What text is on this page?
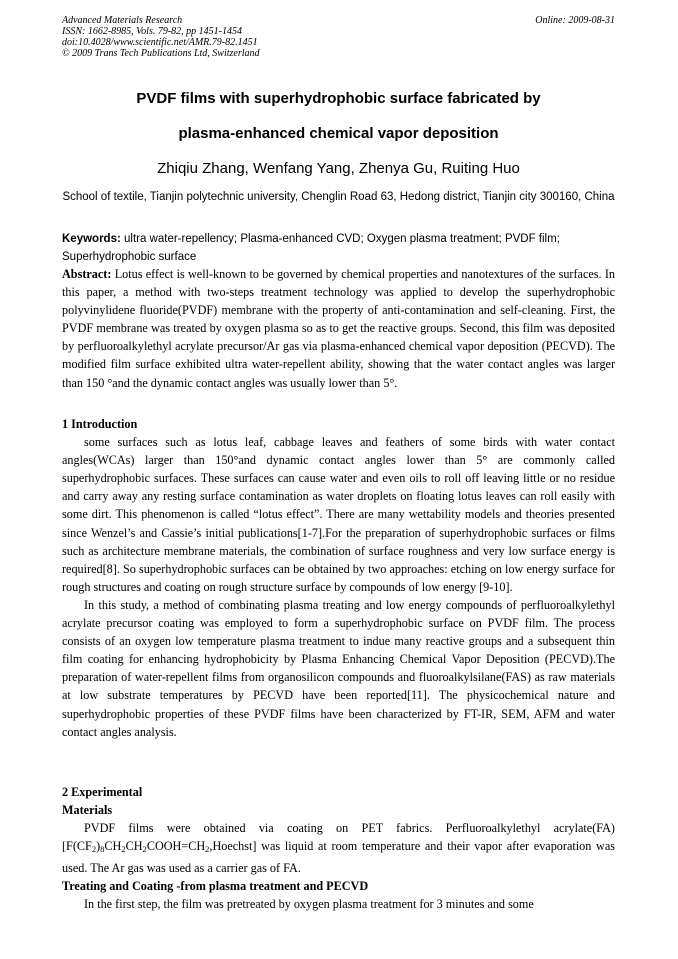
Advanced Materials Research
ISSN: 1662-8985, Vols. 79-82, pp 1451-1454
doi:10.4028/www.scientific.net/AMR.79-82.1451
© 2009 Trans Tech Publications Ltd, Switzerland
Online: 2009-08-31
PVDF films with superhydrophobic surface fabricated by
plasma-enhanced chemical vapor deposition
Zhiqiu Zhang, Wenfang Yang, Zhenya Gu, Ruiting Huo
School of textile, Tianjin polytechnic university, Chenglin Road 63, Hedong district, Tianjin city 300160, China
Keywords: ultra water-repellency; Plasma-enhanced CVD; Oxygen plasma treatment; PVDF film; Superhydrophobic surface

Abstract: Lotus effect is well-known to be governed by chemical properties and nanotextures of the surfaces. In this paper, a method with two-steps treatment technology was applied to develop the superhydrophobic polyvinylidene fluoride(PVDF) membrane with the property of anti-contamination and self-cleaning. First, the PVDF membrane was treated by oxygen plasma so as to get the reactive groups. Second, this film was deposited by perfluoroalkylethyl acrylate precursor/Ar gas via plasma-enhanced chemical vapor deposition (PECVD). The modified film surface exhibited ultra water-repellent ability, showing that the water contact angles was larger than 150 °and the dynamic contact angles was usually lower than 5°.

1 Introduction

some surfaces such as lotus leaf, cabbage leaves and feathers of some birds with water contact angles(WCAs) larger than 150°and dynamic contact angles lower than 5° are commonly called superhydrophobic surfaces. These surfaces can cause water and even oils to roll off leaving little or no residue and carry away any resting surface contamination as water droplets on floating lotus leaves can roll easily with some dirt. This phenomenon is called “lotus effect”. There are many wettability models and theories presented since Wenzel’s and Cassie’s initial publications[1-7].For the preparation of superhydrophobic surfaces or films such as architecture membrane materials, the combination of surface roughness and very low surface energy is required[8]. So superhydrophobic surfaces can be obtained by two approaches: etching on low energy surface for rough structures and coating on rough structure surface by compounds of low energy [9-10].

In this study, a method of combinating plasma treating and low energy compounds of perfluoroalkylethyl acrylate precursor coating was employed to form a superhydrophobic surface on PVDF film. The process consists of an oxygen low temperature plasma treatment to indue many reactive groups and a subsequent thin film coating for enhancing hydrophobicity by Plasma Enhancing Chemical Vapor Deposition (PECVD).The preparation of water-repellent films from organosilicon compounds and fluoroalkylsilane(FAS) as raw materials at low substrate temperatures by PECVD have been reported[11]. The physicochemical nature and superhydrophobic properties of these PVDF films have been characterized by FT-IR, SEM, AFM and water contact angles analysis.

2 Experimental

Materials

PVDF films were obtained via coating on PET fabrics. Perfluoroalkylethyl $acrylate(FA)[F(CF_2)_8CH_2CH_2COOH=CH_2,Hoechst]$ was liquid at room temperature and their vapor after evaporation was used. The Ar gas was used as a carrier gas of FA.

Treating and Coating -from plasma treatment and PECVD

In the first step, the film was pretreated by oxygen plasma treatment for 3 minutes and some
